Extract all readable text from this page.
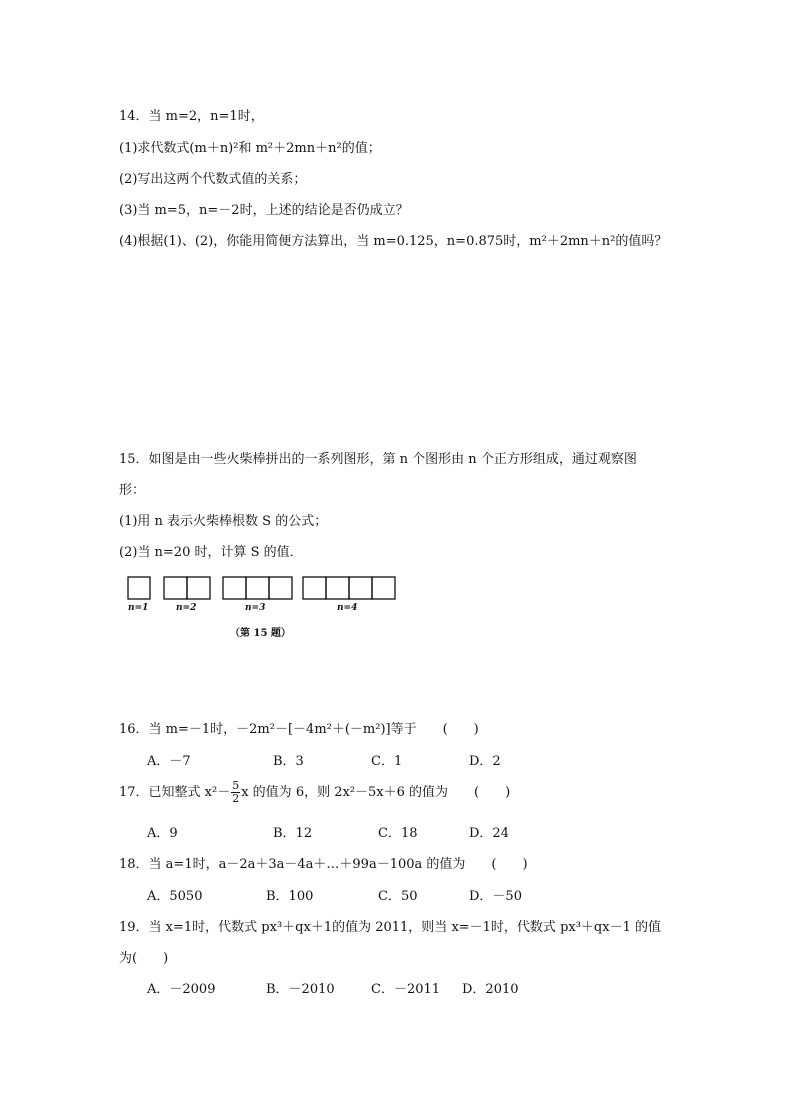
14．当 m=2，n=1时，
(1)求代数式(m＋n)²和 m²＋2mn＋n²的值；
(2)写出这两个代数式值的关系；
(3)当 m=5，n=－2时，上述的结论是否仍成立？
(4)根据(1)、(2)，你能用简便方法算出，当 m=0.125，n=0.875时，m²＋2mn＋n²的值吗？
15．如图是由一些火柴棒拼出的一系列图形，第 n 个图形由 n 个正方形组成，通过观察图
形：
(1)用 n 表示火柴棒根数 S 的公式；
(2)当 n=20 时，计算 S 的值．
n=1	n=2	n=3	n=4
（第 15 题）
16．当 m=－1时，－2m²－[－4m²＋(－m²)]等于　　(　　)
A．－7	B．3	C．1	D．2
17．已知整式 $x^2- \frac{5}{2}$ x 的值为 6，则 2x²－5x＋6 的值为　　(　　)
A．9	B．12	C．18	D．24
18．当 a=1时，a－2a＋3a－4a＋…＋99a－100a 的值为　　(　　)
A．5050	B．100	C．50	D．－50
19．当 x=1时，代数式 px³＋qx＋1的值为 2011，则当 x=－1时，代数式 px³＋qx－1 的值
为(　　)
A．－2009	B．－2010	C．－2011 D．2010
